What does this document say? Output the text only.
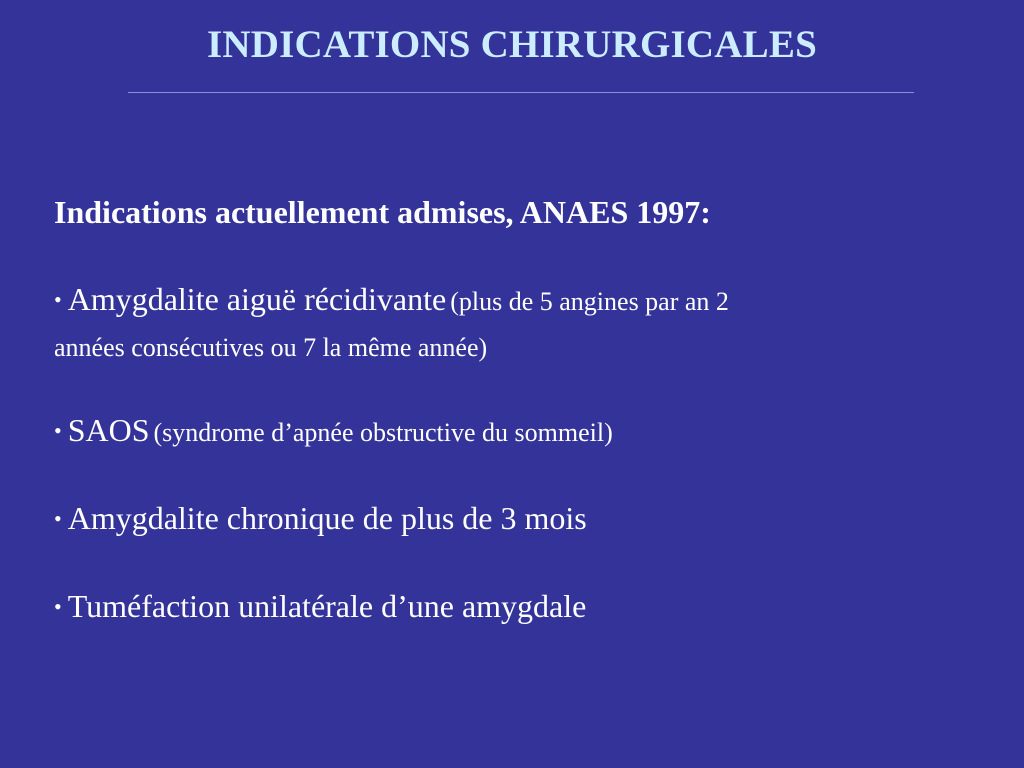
INDICATIONS CHIRURGICALES
Indications actuellement admises, ANAES 1997:
• Amygdalite aiguë récidivante (plus de 5 angines par an 2
années consécutives ou 7 la même année)
• SAOS (syndrome d’apnée obstructive du sommeil)
• Amygdalite chronique de plus de 3 mois
• Tuméfaction unilatérale d’une amygdale
